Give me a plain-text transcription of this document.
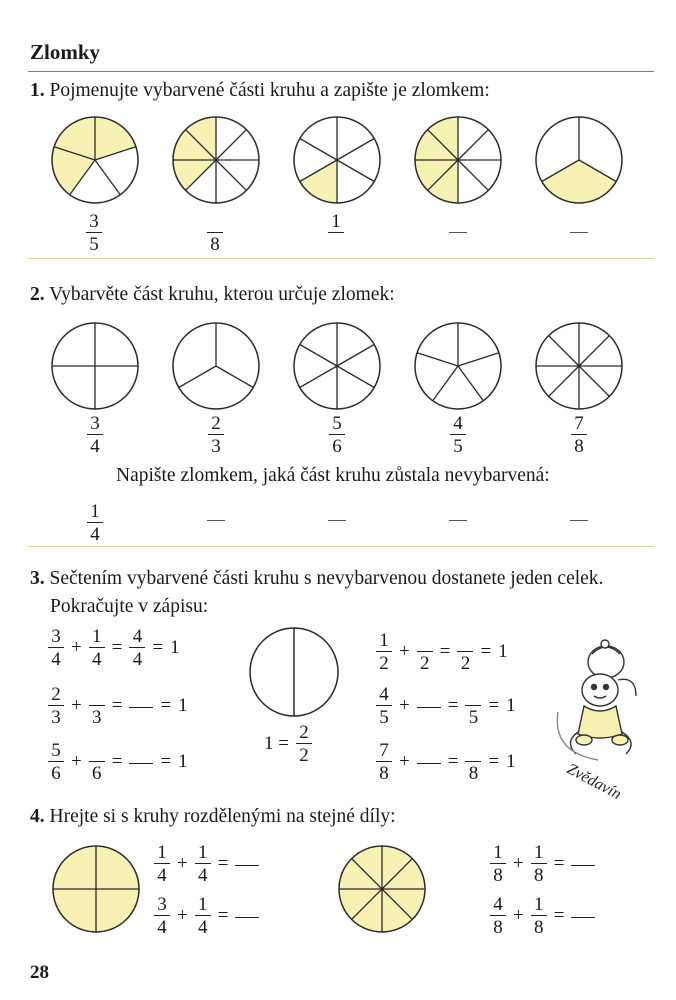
Zlomky
1. Pojmenujte vybarvené části kruhu a zapište je zlomkem:
3
5	8
1
2. Vybarvěte část kruhu, kterou určuje zlomek:
3
4
2
3
5
6
4
5
7
8
Napište zlomkem, jaká část kruhu zůstala nevybarvená:
1
4
3. Sečtením vybarvené části kruhu s nevybarvenou dostanete jeden celek.
Pokračujte v zápisu:
$\frac{3}{4} + \frac{1}{4} = \frac{4}{4} = 1$
$\frac{2}{3}$ +
3
= = 1
$\frac{5}{6}$ +
6
= = 1
$\frac{1}{2}$ +
2
=
2
= 1
$\frac{4}{5}$ + =
5
= 1
$\frac{7}{8}$ + =
8
= 1
$1 = \frac{2}{2}$
Zvědavín
4. Hrejte si s kruhy rozdělenými na stejné díly:
$\frac{1}{4} + \frac{1}{4}$ =
$\frac{3}{4} + \frac{1}{4}$ =
$\frac{1}{8} + \frac{1}{8}$ =
$\frac{4}{8} + \frac{1}{8}$ =
28
